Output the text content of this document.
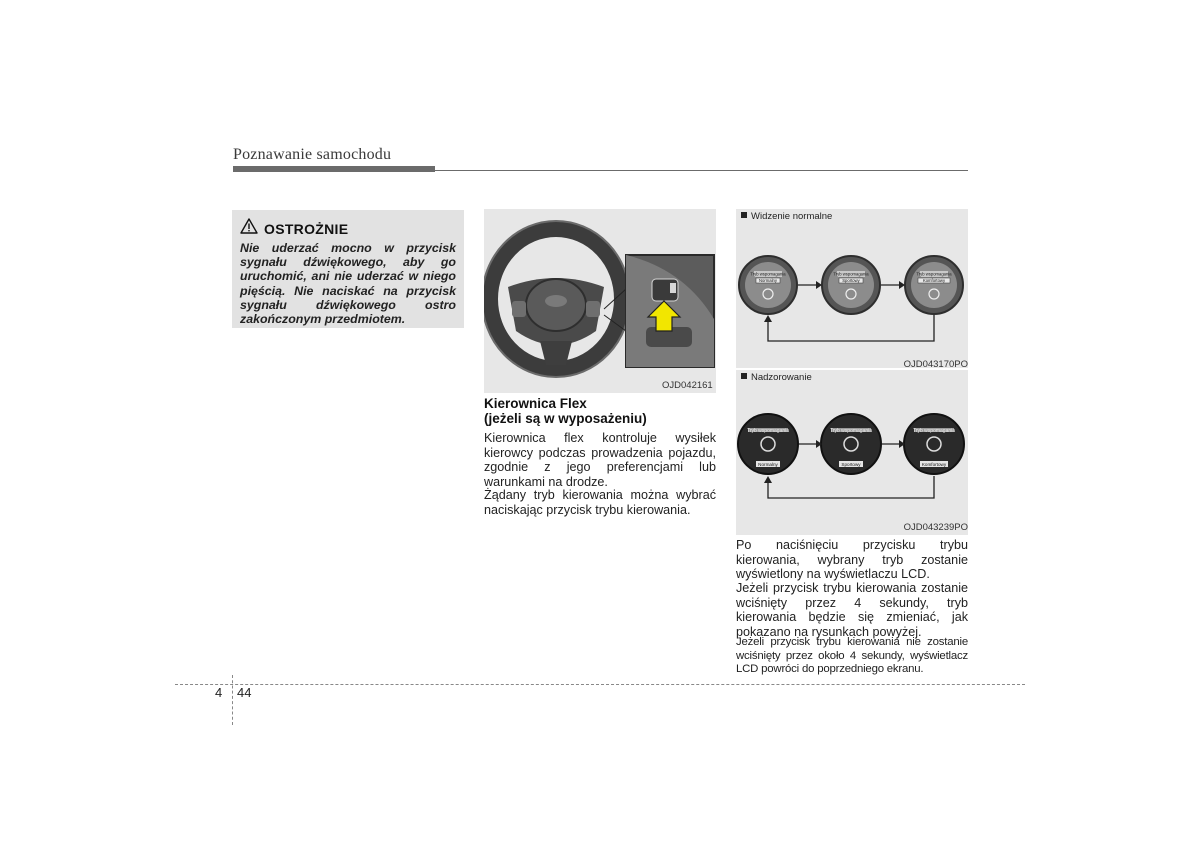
Poznawanie samochodu
OSTROŻNIE

Nie uderzać mocno w przycisk sygnału dźwiękowego, aby go uruchomić, ani nie uderzać w niego pięścią. Nie naciskać na przycisk sygnału dźwiękowego ostro zakończonym przedmiotem.

OJD042161
Kierownica Flex
(jeżeli są w wyposażeniu)

Kierownica flex kontroluje wysiłek kierowcy podczas prowadzenia pojazdu, zgodnie z jego preferencjami lub warunkami na drodze.

Żądany tryb kierowania można wybrać naciskając przycisk trybu kierowania.

Widzenie normalne
Tryb wspomagania
Normalny
Tryb wspomagania
Sportowy
Tryb wspomagania
Komfortowy
OJD043170PO
Nadzorowanie
Tryb wspomagania
Normalny
Tryb wspomagania
Sportowy
Tryb wspomagania
Komfortowy
OJD043239PO

Po naciśnięciu przycisku trybu kierowania, wybrany tryb zostanie wyświetlony na wyświetlaczu LCD.

Jeżeli przycisk trybu kierowania zostanie wciśnięty przez 4 sekundy, tryb kierowania będzie się zmieniać, jak pokazano na rysunkach powyżej.

Jeżeli przycisk trybu kierowania nie zostanie wciśnięty przez około 4 sekundy, wyświetlacz LCD powróci do poprzedniego ekranu.

4 44
